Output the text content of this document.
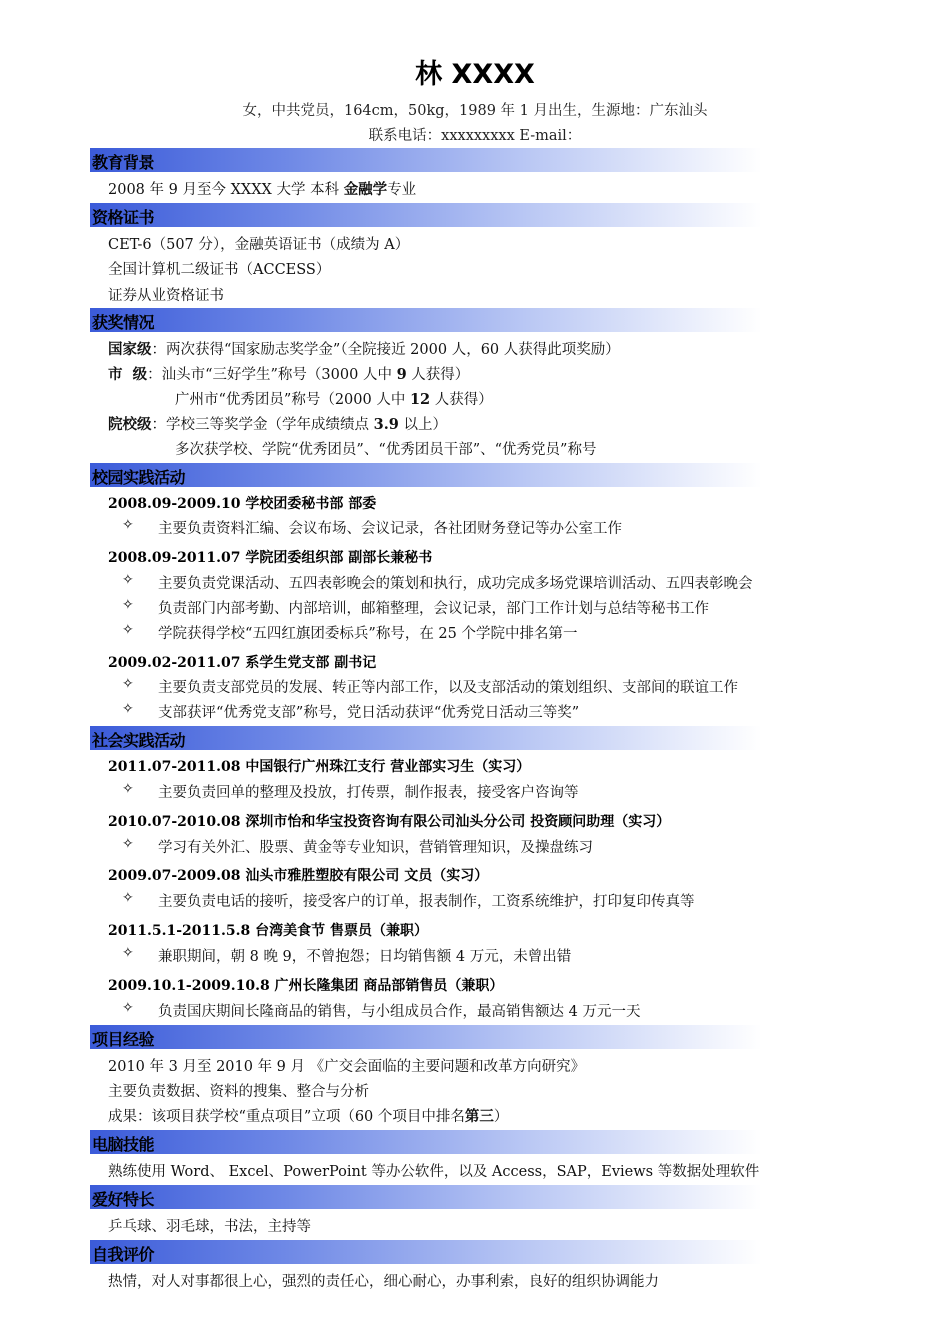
林 XXXX
女，中共党员，164cm，50kg，1989 年 1 月出生，生源地：广东汕头
联系电话：xxxxxxxxx E-mail：
教育背景
2008 年 9 月至今 XXXX 大学 本科 金融学专业
资格证书
CET-6（507 分），金融英语证书（成绩为 A）
全国计算机二级证书（ACCESS）
证券从业资格证书
获奖情况
国家级：两次获得“国家励志奖学金”（全院接近 2000 人，60 人获得此项奖励）
市  级：汕头市“三好学生”称号（3000 人中 9 人获得）
广州市“优秀团员”称号（2000 人中 12 人获得）
院校级：学校三等奖学金（学年成绩绩点 3.9 以上）
多次获学校、学院“优秀团员”、“优秀团员干部”、“优秀党员”称号
校园实践活动
2008.09-2009.10 学校团委秘书部 部委
✧ 主要负责资料汇编、会议布场、会议记录，各社团财务登记等办公室工作
2008.09-2011.07 学院团委组织部 副部长兼秘书
✧ 主要负责党课活动、五四表彰晚会的策划和执行，成功完成多场党课培训活动、五四表彰晚会
✧ 负责部门内部考勤、内部培训，邮箱整理，会议记录，部门工作计划与总结等秘书工作
✧ 学院获得学校“五四红旗团委标兵”称号，在 25 个学院中排名第一
2009.02-2011.07 系学生党支部 副书记
✧ 主要负责支部党员的发展、转正等内部工作，以及支部活动的策划组织、支部间的联谊工作
✧ 支部获评“优秀党支部”称号，党日活动获评“优秀党日活动三等奖”
社会实践活动
2011.07-2011.08 中国银行广州珠江支行 营业部实习生（实习）
✧ 主要负责回单的整理及投放，打传票，制作报表，接受客户咨询等
2010.07-2010.08 深圳市怡和华宝投资咨询有限公司汕头分公司 投资顾问助理（实习）
✧ 学习有关外汇、股票、黄金等专业知识，营销管理知识，及操盘练习
2009.07-2009.08 汕头市雅胜塑胶有限公司 文员（实习）
✧ 主要负责电话的接听，接受客户的订单，报表制作，工资系统维护，打印复印传真等
2011.5.1-2011.5.8 台湾美食节 售票员（兼职）
✧ 兼职期间，朝 8 晚 9，不曾抱怨；日均销售额 4 万元，未曾出错
2009.10.1-2009.10.8 广州长隆集团 商品部销售员（兼职）
✧ 负责国庆期间长隆商品的销售，与小组成员合作，最高销售额达 4 万元一天
项目经验
2010 年 3 月至 2010 年 9 月 《广交会面临的主要问题和改革方向研究》
主要负责数据、资料的搜集、整合与分析
成果：该项目获学校“重点项目”立项（60 个项目中排名第三）
电脑技能
熟练使用 Word、 Excel、PowerPoint 等办公软件，以及 Access，SAP，Eviews 等数据处理软件
爱好特长
乒乓球、羽毛球，书法，主持等
自我评价
热情，对人对事都很上心，强烈的责任心，细心耐心，办事利索，良好的组织协调能力
